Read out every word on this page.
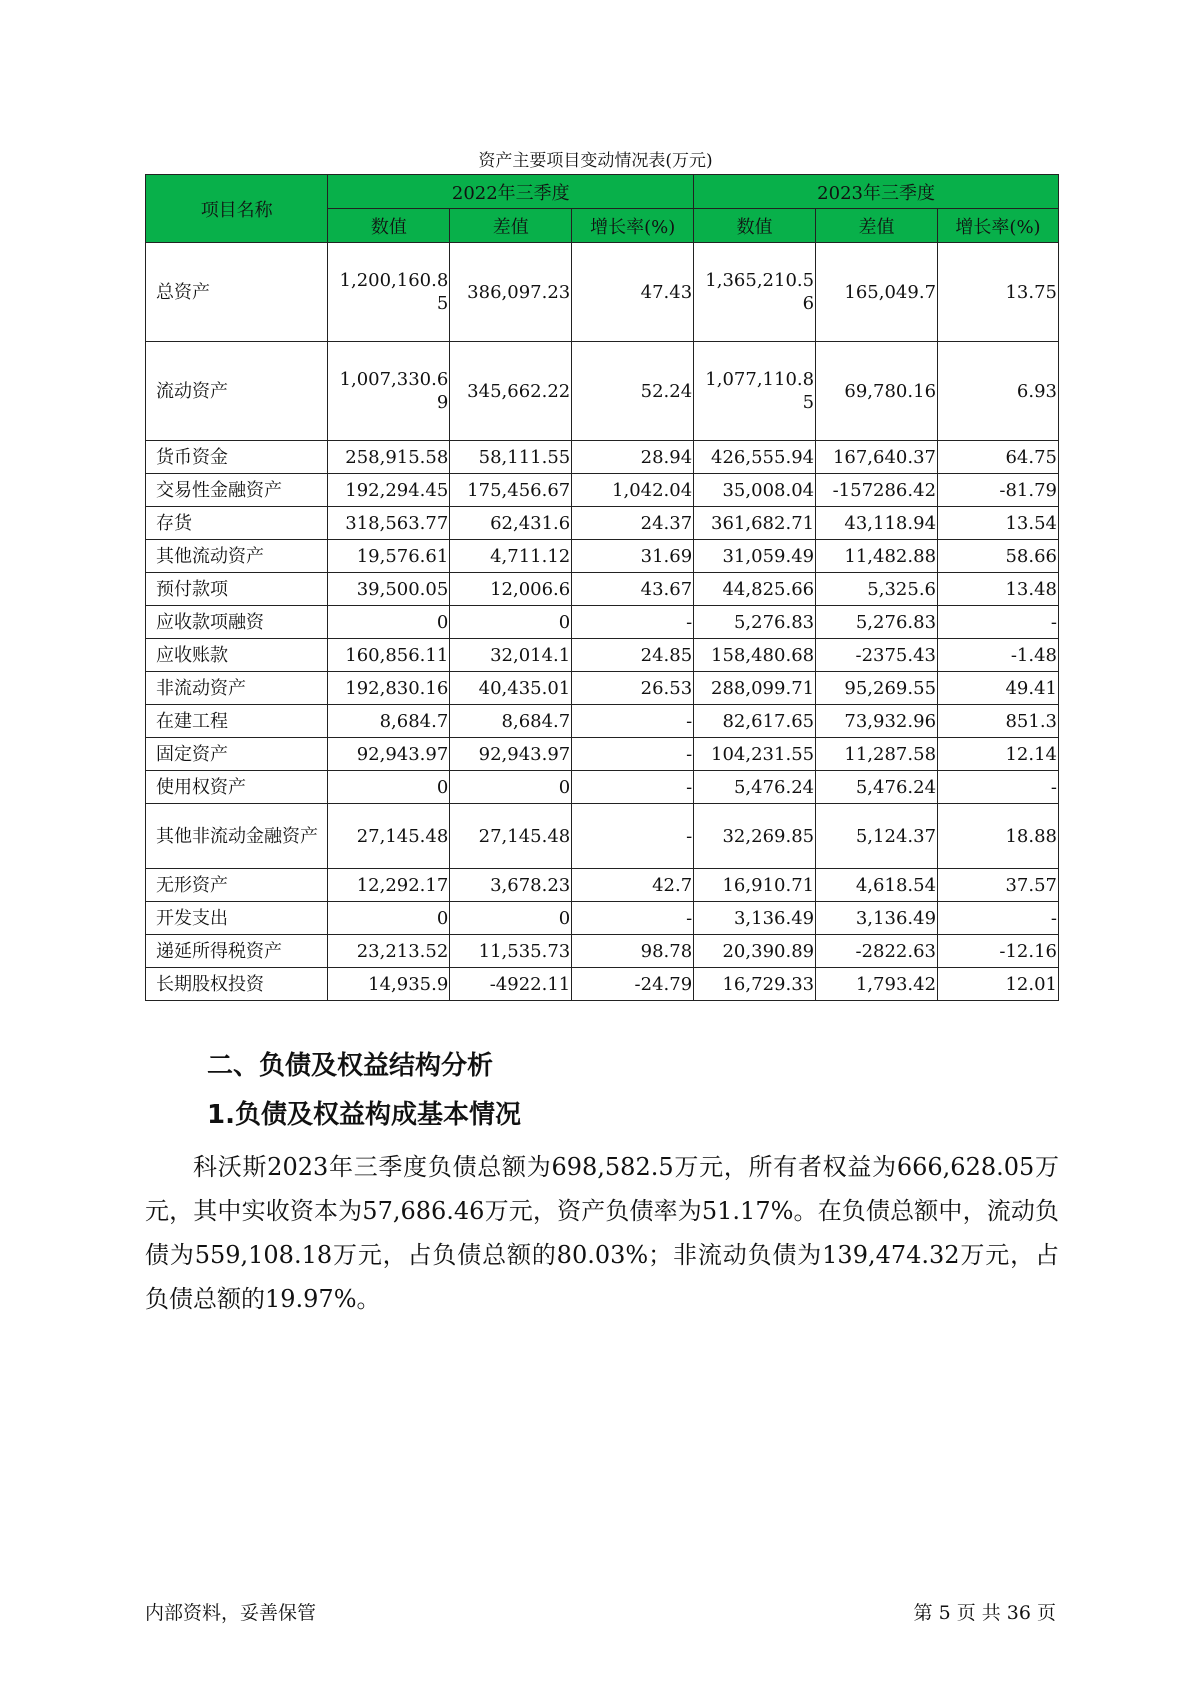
资产主要项目变动情况表(万元)
项目名称	2022年三季度			2023年三季度		
	数值	差值	增长率(%)	数值	差值	增长率(%)
总资产	1,200,160.85	386,097.23	47.43	1,365,210.56	165,049.7	13.75
流动资产	1,007,330.69	345,662.22	52.24	1,077,110.85	69,780.16	6.93
货币资金	258,915.58	58,111.55	28.94	426,555.94	167,640.37	64.75
交易性金融资产	192,294.45	175,456.67	1,042.04	35,008.04	-157286.42	-81.79
存货	318,563.77	62,431.6	24.37	361,682.71	43,118.94	13.54
其他流动资产	19,576.61	4,711.12	31.69	31,059.49	11,482.88	58.66
预付款项	39,500.05	12,006.6	43.67	44,825.66	5,325.6	13.48
应收款项融资	0	0	-	5,276.83	5,276.83	-
应收账款	160,856.11	32,014.1	24.85	158,480.68	-2375.43	-1.48
非流动资产	192,830.16	40,435.01	26.53	288,099.71	95,269.55	49.41
在建工程	8,684.7	8,684.7	-	82,617.65	73,932.96	851.3
固定资产	92,943.97	92,943.97	-	104,231.55	11,287.58	12.14
使用权资产	0	0	-	5,476.24	5,476.24	-
其他非流动金融资产	27,145.48	27,145.48	-	32,269.85	5,124.37	18.88
无形资产	12,292.17	3,678.23	42.7	16,910.71	4,618.54	37.57
开发支出	0	0	-	3,136.49	3,136.49	-
递延所得税资产	23,213.52	11,535.73	98.78	20,390.89	-2822.63	-12.16
长期股权投资	14,935.9	-4922.11	-24.79	16,729.33	1,793.42	12.01
二、负债及权益结构分析
1.负债及权益构成基本情况

科沃斯2023年三季度负债总额为698,582.5万元，所有者权益为666,628.05万元，其中实收资本为57,686.46万元，资产负债率为51.17%。在负债总额中，流动负债为559,108.18万元，占负债总额的80.03%；非流动负债为139,474.32万元，占负债总额的19.97%。

内部资料，妥善保管	第 5 页 共 36 页
